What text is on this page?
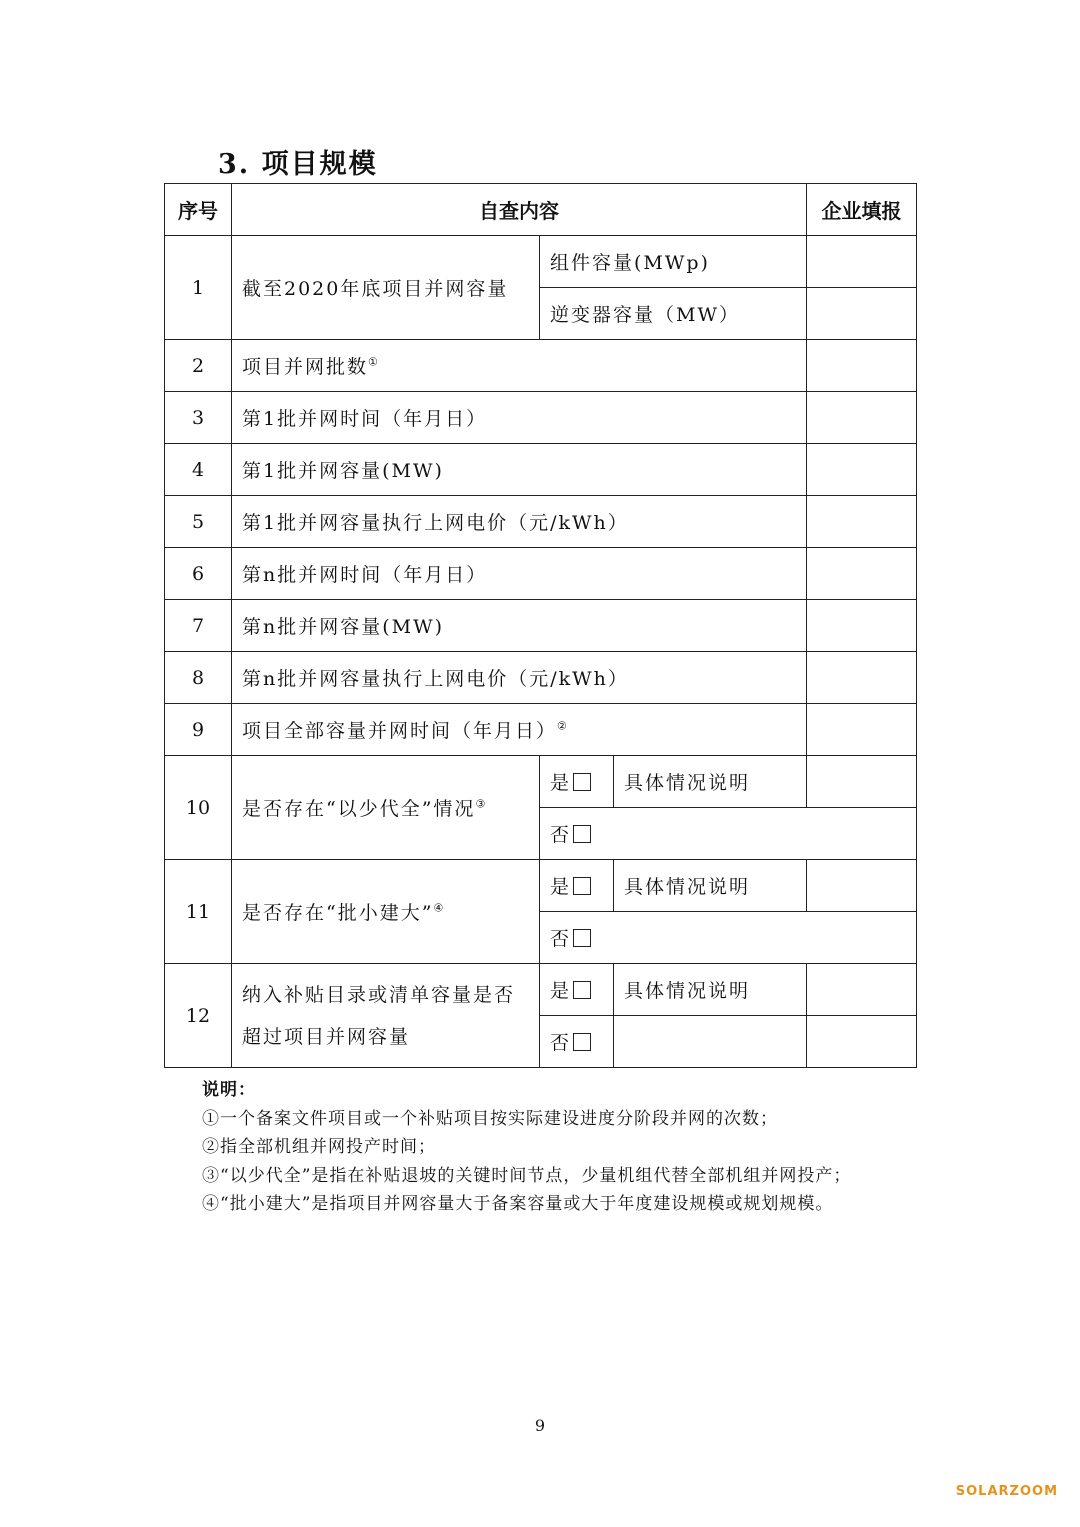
3. 项目规模
序号	自查内容			企业填报
1	截至2020年底项目并网容量	组件容量(MWp)		
		逆变器容量（MW）		
2	项目并网批数①	
3	第1批并网时间（年月日）			
4	第1批并网容量(MW)			
5	第1批并网容量执行上网电价（元/kWh）			
6	第n批并网时间（年月日）			
7	第n批并网容量(MW)			
8	第n批并网容量执行上网电价（元/kWh）			
9	项目全部容量并网时间（年月日）②	
10	是否存在“以少代全”情况③	是	具体情况说明	
		否		
11	是否存在“批小建大”④	是	具体情况说明	
		否		
12	纳入补贴目录或清单容量是否
超过项目并网容量	是	具体情况说明	
		否		
说明：
①一个备案文件项目或一个补贴项目按实际建设进度分阶段并网的次数；
②指全部机组并网投产时间；
③“以少代全”是指在补贴退坡的关键时间节点，少量机组代替全部机组并网投产；
④“批小建大”是指项目并网容量大于备案容量或大于年度建设规模或规划规模。
9
SOLARZOOM
